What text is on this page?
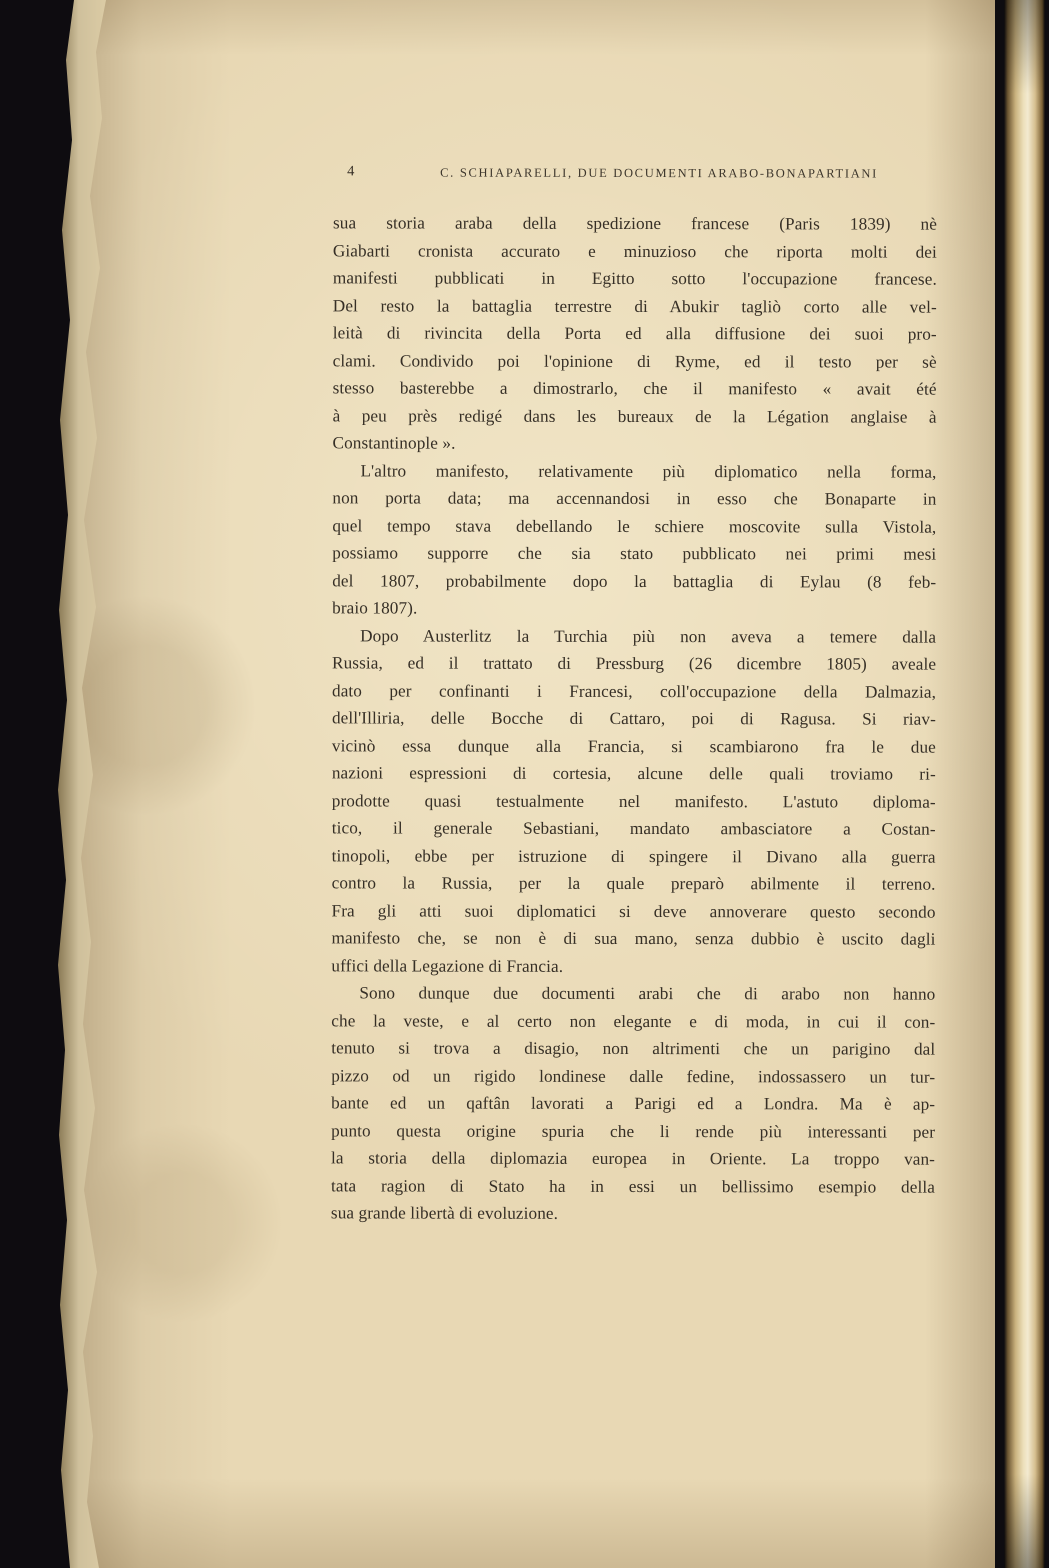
4	C. SCHIAPARELLI, DUE DOCUMENTI ARABO-BONAPARTIANI
sua storia araba della spedizione francese (Paris 1839) nè
Giabarti cronista accurato e minuzioso che riporta molti dei
manifesti pubblicati in Egitto sotto l'occupazione francese.
Del resto la battaglia terrestre di Abukir tagliò corto alle vel-
leità di rivincita della Porta ed alla diffusione dei suoi pro-
clami. Condivido poi l'opinione di Ryme, ed il testo per sè
stesso basterebbe a dimostrarlo, che il manifesto « avait été
à peu près redigé dans les bureaux de la Légation anglaise à
Constantinople ».
L'altro manifesto, relativamente più diplomatico nella forma,
non porta data; ma accennandosi in esso che Bonaparte in
quel tempo stava debellando le schiere moscovite sulla Vistola,
possiamo supporre che sia stato pubblicato nei primi mesi
del 1807, probabilmente dopo la battaglia di Eylau (8 feb-
braio 1807).
Dopo Austerlitz la Turchia più non aveva a temere dalla
Russia, ed il trattato di Pressburg (26 dicembre 1805) aveale
dato per confinanti i Francesi, coll'occupazione della Dalmazia,
dell'Illiria, delle Bocche di Cattaro, poi di Ragusa. Si riav-
vicinò essa dunque alla Francia, si scambiarono fra le due
nazioni espressioni di cortesia, alcune delle quali troviamo ri-
prodotte quasi testualmente nel manifesto. L'astuto diploma-
tico, il generale Sebastiani, mandato ambasciatore a Costan-
tinopoli, ebbe per istruzione di spingere il Divano alla guerra
contro la Russia, per la quale preparò abilmente il terreno.
Fra gli atti suoi diplomatici si deve annoverare questo secondo
manifesto che, se non è di sua mano, senza dubbio è uscito dagli
uffici della Legazione di Francia.
Sono dunque due documenti arabi che di arabo non hanno
che la veste, e al certo non elegante e di moda, in cui il con-
tenuto si trova a disagio, non altrimenti che un parigino dal
pizzo od un rigido londinese dalle fedine, indossassero un tur-
bante ed un qaftân lavorati a Parigi ed a Londra. Ma è ap-
punto questa origine spuria che li rende più interessanti per
la storia della diplomazia europea in Oriente. La troppo van-
tata ragion di Stato ha in essi un bellissimo esempio della
sua grande libertà di evoluzione.
